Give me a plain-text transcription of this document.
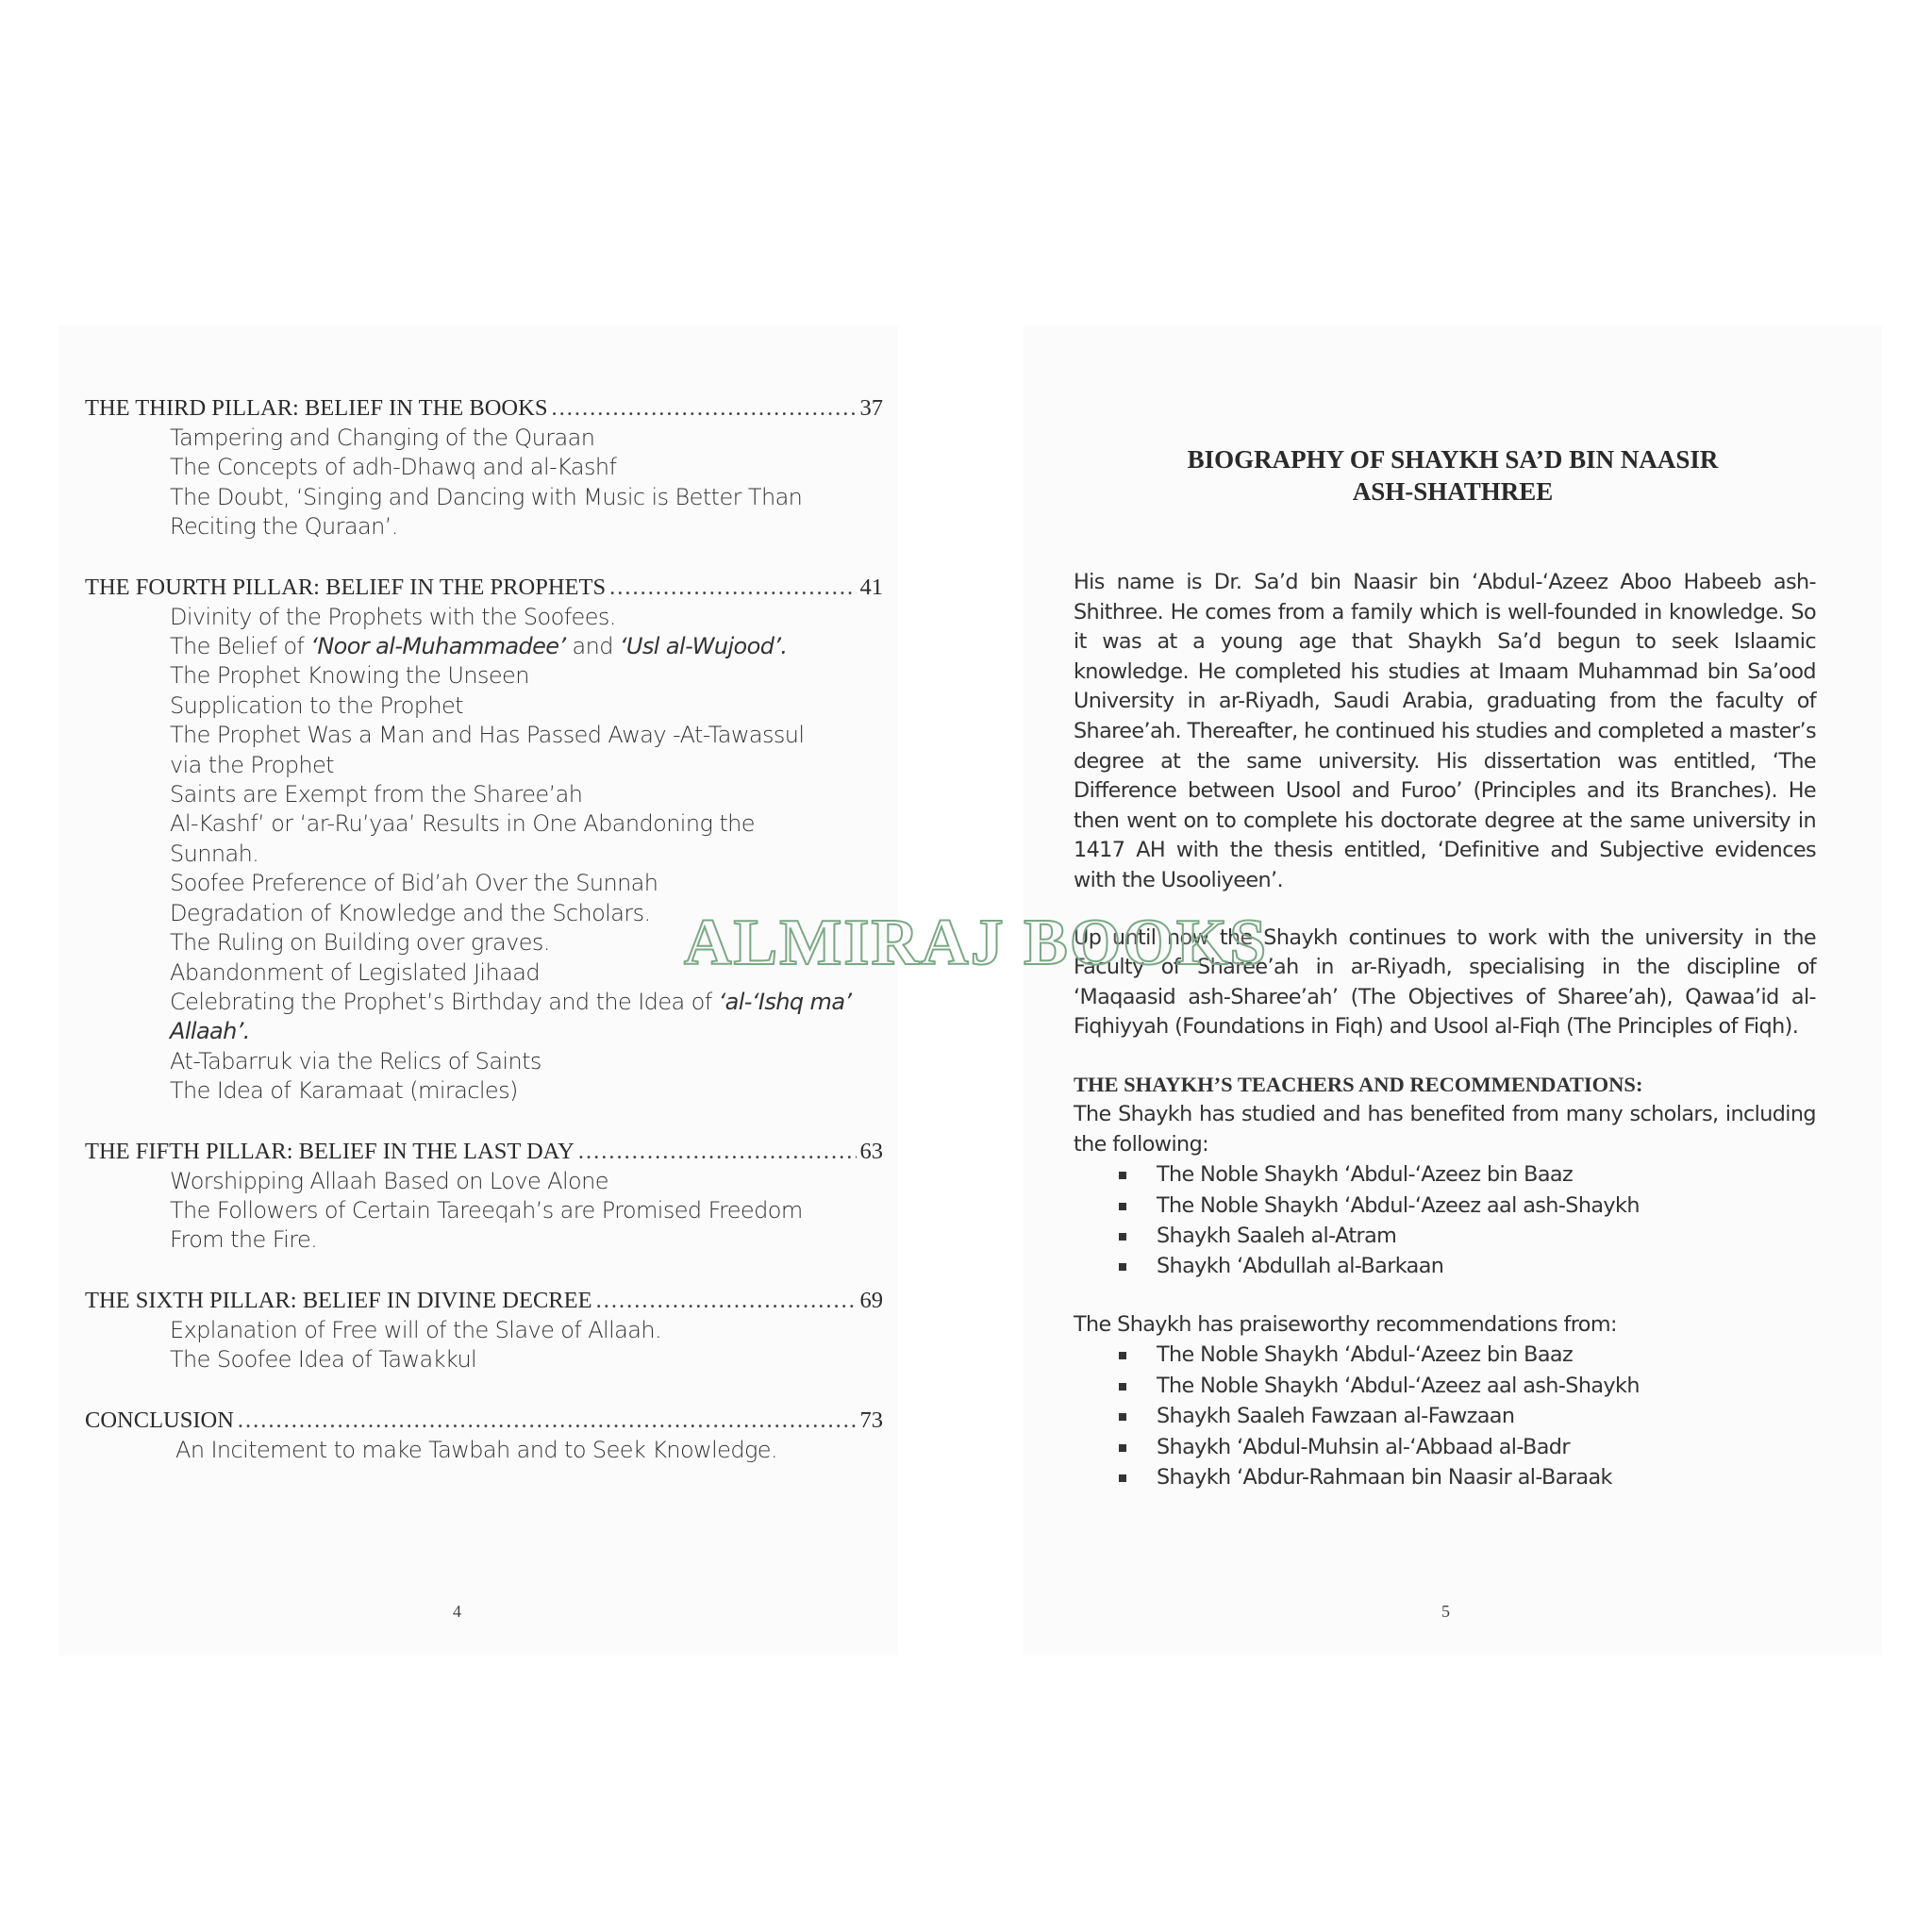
THE THIRD PILLAR: BELIEF IN THE BOOKS .....	37
Tampering and Changing of the Quraan
The Concepts of adh-Dhawq and al-Kashf
The Doubt, ‘Singing and Dancing with Music is Better Than
Reciting the Quraan’.
THE FOURTH PILLAR: BELIEF IN THE PROPHETS .....	41
Divinity of the Prophets with the Soofees.
The Belief of ‘Noor al-Muhammadee’ and ‘Usl al-Wujood’.
The Prophet Knowing the Unseen
Supplication to the Prophet
The Prophet Was a Man and Has Passed Away -At-Tawassul
via the Prophet
Saints are Exempt from the Sharee’ah
Al-Kashf’ or ‘ar-Ru’yaa’ Results in One Abandoning the
Sunnah.
Soofee Preference of Bid’ah Over the Sunnah
Degradation of Knowledge and the Scholars.
The Ruling on Building over graves.
Abandonment of Legislated Jihaad
Celebrating the Prophet’s Birthday and the Idea of ‘al-‘Ishq ma’
Allaah’.
At-Tabarruk via the Relics of Saints
The Idea of Karamaat (miracles)
THE FIFTH PILLAR: BELIEF IN THE LAST DAY .....	63
Worshipping Allaah Based on Love Alone
The Followers of Certain Tareeqah’s are Promised Freedom
From the Fire.
THE SIXTH PILLAR: BELIEF IN DIVINE DECREE .....	69
Explanation of Free will of the Slave of Allaah.
The Soofee Idea of Tawakkul
CONCLUSION .....	73
An Incitement to make Tawbah and to Seek Knowledge.
4
BIOGRAPHY OF SHAYKH SA’D BIN NAASIR
ASH-SHATHREE

His name is Dr. Sa’d bin Naasir bin ‘Abdul-‘Azeez Aboo Habeeb ash-Shithree. He comes from a family which is well-founded in knowledge. So it was at a young age that Shaykh Sa’d begun to seek Islaamic knowledge. He completed his studies at Imaam Muhammad bin Sa’ood University in ar-Riyadh, Saudi Arabia, graduating from the faculty of Sharee’ah. Thereafter, he continued his studies and completed a master’s degree at the same university. His dissertation was entitled, ‘The Difference between Usool and Furoo’ (Principles and its Branches). He then went on to complete his doctorate degree at the same university in 1417 AH with the thesis entitled, ‘Definitive and Subjective evidences with the Usooliyeen’.

Up until now the Shaykh continues to work with the university in the Faculty of Sharee’ah in ar-Riyadh, specialising in the discipline of ‘Maqaasid ash-Sharee’ah’ (The Objectives of Sharee’ah), Qawaa’id al-Fiqhiyyah (Foundations in Fiqh) and Usool al-Fiqh (The Principles of Fiqh).

THE SHAYKH’S TEACHERS AND RECOMMENDATIONS:
The Shaykh has studied and has benefited from many scholars, including the following:
The Noble Shaykh ‘Abdul-‘Azeez bin Baaz
The Noble Shaykh ‘Abdul-‘Azeez aal ash-Shaykh
Shaykh Saaleh al-Atram
Shaykh ‘Abdullah al-Barkaan
The Shaykh has praiseworthy recommendations from:
The Noble Shaykh ‘Abdul-‘Azeez bin Baaz
The Noble Shaykh ‘Abdul-‘Azeez aal ash-Shaykh
Shaykh Saaleh Fawzaan al-Fawzaan
Shaykh ‘Abdul-Muhsin al-‘Abbaad al-Badr
Shaykh ‘Abdur-Rahmaan bin Naasir al-Baraak
5
ALMIRAJ BOOKS
